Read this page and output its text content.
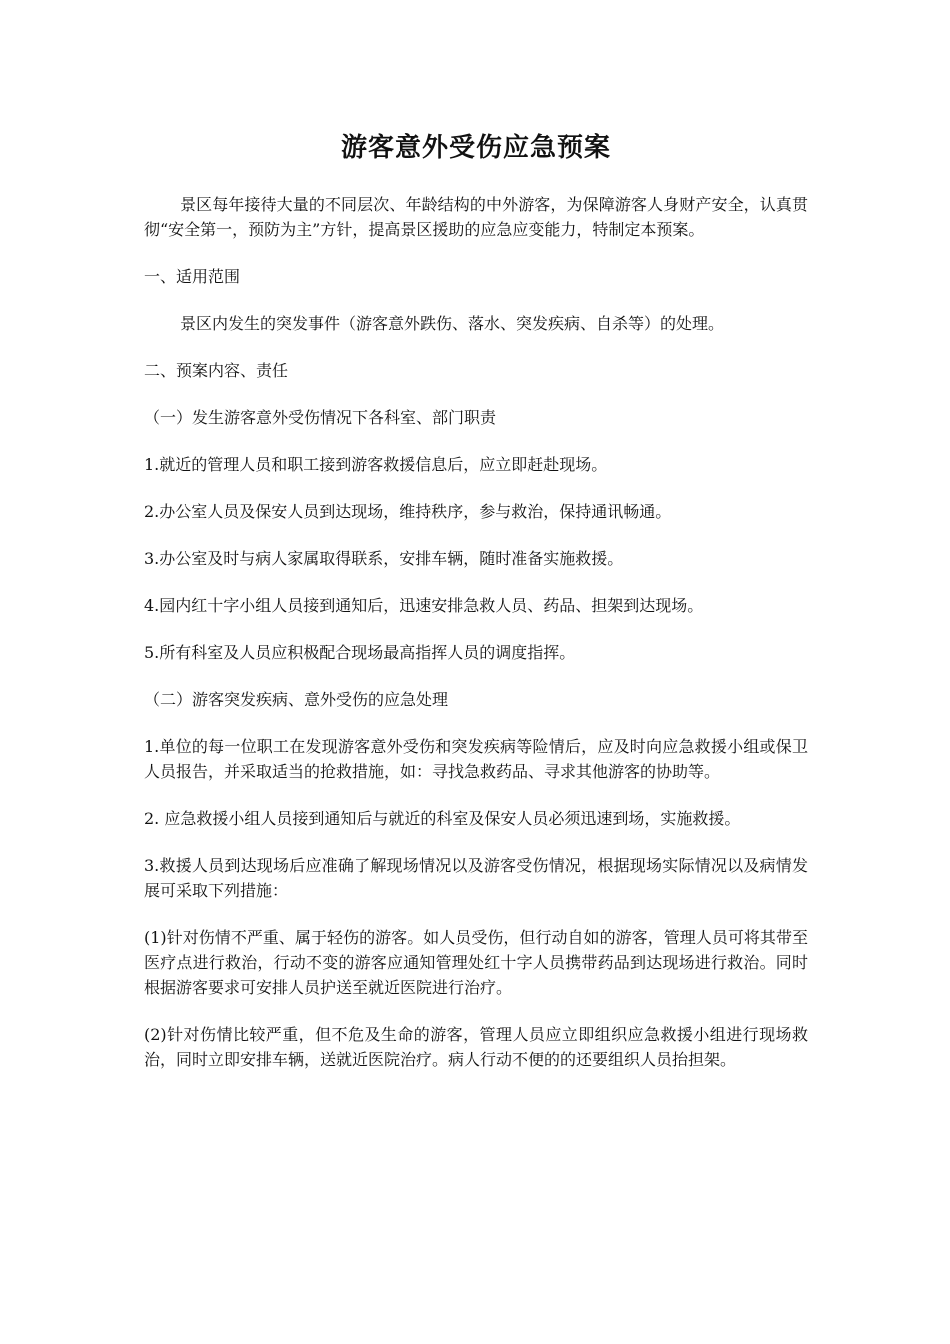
游客意外受伤应急预案

景区每年接待大量的不同层次、年龄结构的中外游客，为保障游客人身财产安全，认真贯彻“安全第一，预防为主”方针，提高景区援助的应急应变能力，特制定本预案。

一、适用范围

景区内发生的突发事件（游客意外跌伤、落水、突发疾病、自杀等）的处理。

二、预案内容、责任

（一）发生游客意外受伤情况下各科室、部门职责

1.就近的管理人员和职工接到游客救援信息后，应立即赶赴现场。

2.办公室人员及保安人员到达现场，维持秩序，参与救治，保持通讯畅通。

3.办公室及时与病人家属取得联系，安排车辆，随时准备实施救援。

4.园内红十字小组人员接到通知后，迅速安排急救人员、药品、担架到达现场。

5.所有科室及人员应积极配合现场最高指挥人员的调度指挥。

（二）游客突发疾病、意外受伤的应急处理

1.单位的每一位职工在发现游客意外受伤和突发疾病等险情后，应及时向应急救援小组或保卫人员报告，并采取适当的抢救措施，如：寻找急救药品、寻求其他游客的协助等。

2. 应急救援小组人员接到通知后与就近的科室及保安人员必须迅速到场，实施救援。

3.救援人员到达现场后应准确了解现场情况以及游客受伤情况，根据现场实际情况以及病情发展可采取下列措施：

(1)针对伤情不严重、属于轻伤的游客。如人员受伤，但行动自如的游客，管理人员可将其带至医疗点进行救治，行动不变的游客应通知管理处红十字人员携带药品到达现场进行救治。同时根据游客要求可安排人员护送至就近医院进行治疗。

(2)针对伤情比较严重，但不危及生命的游客，管理人员应立即组织应急救援小组进行现场救治，同时立即安排车辆，送就近医院治疗。病人行动不便的的还要组织人员抬担架。
